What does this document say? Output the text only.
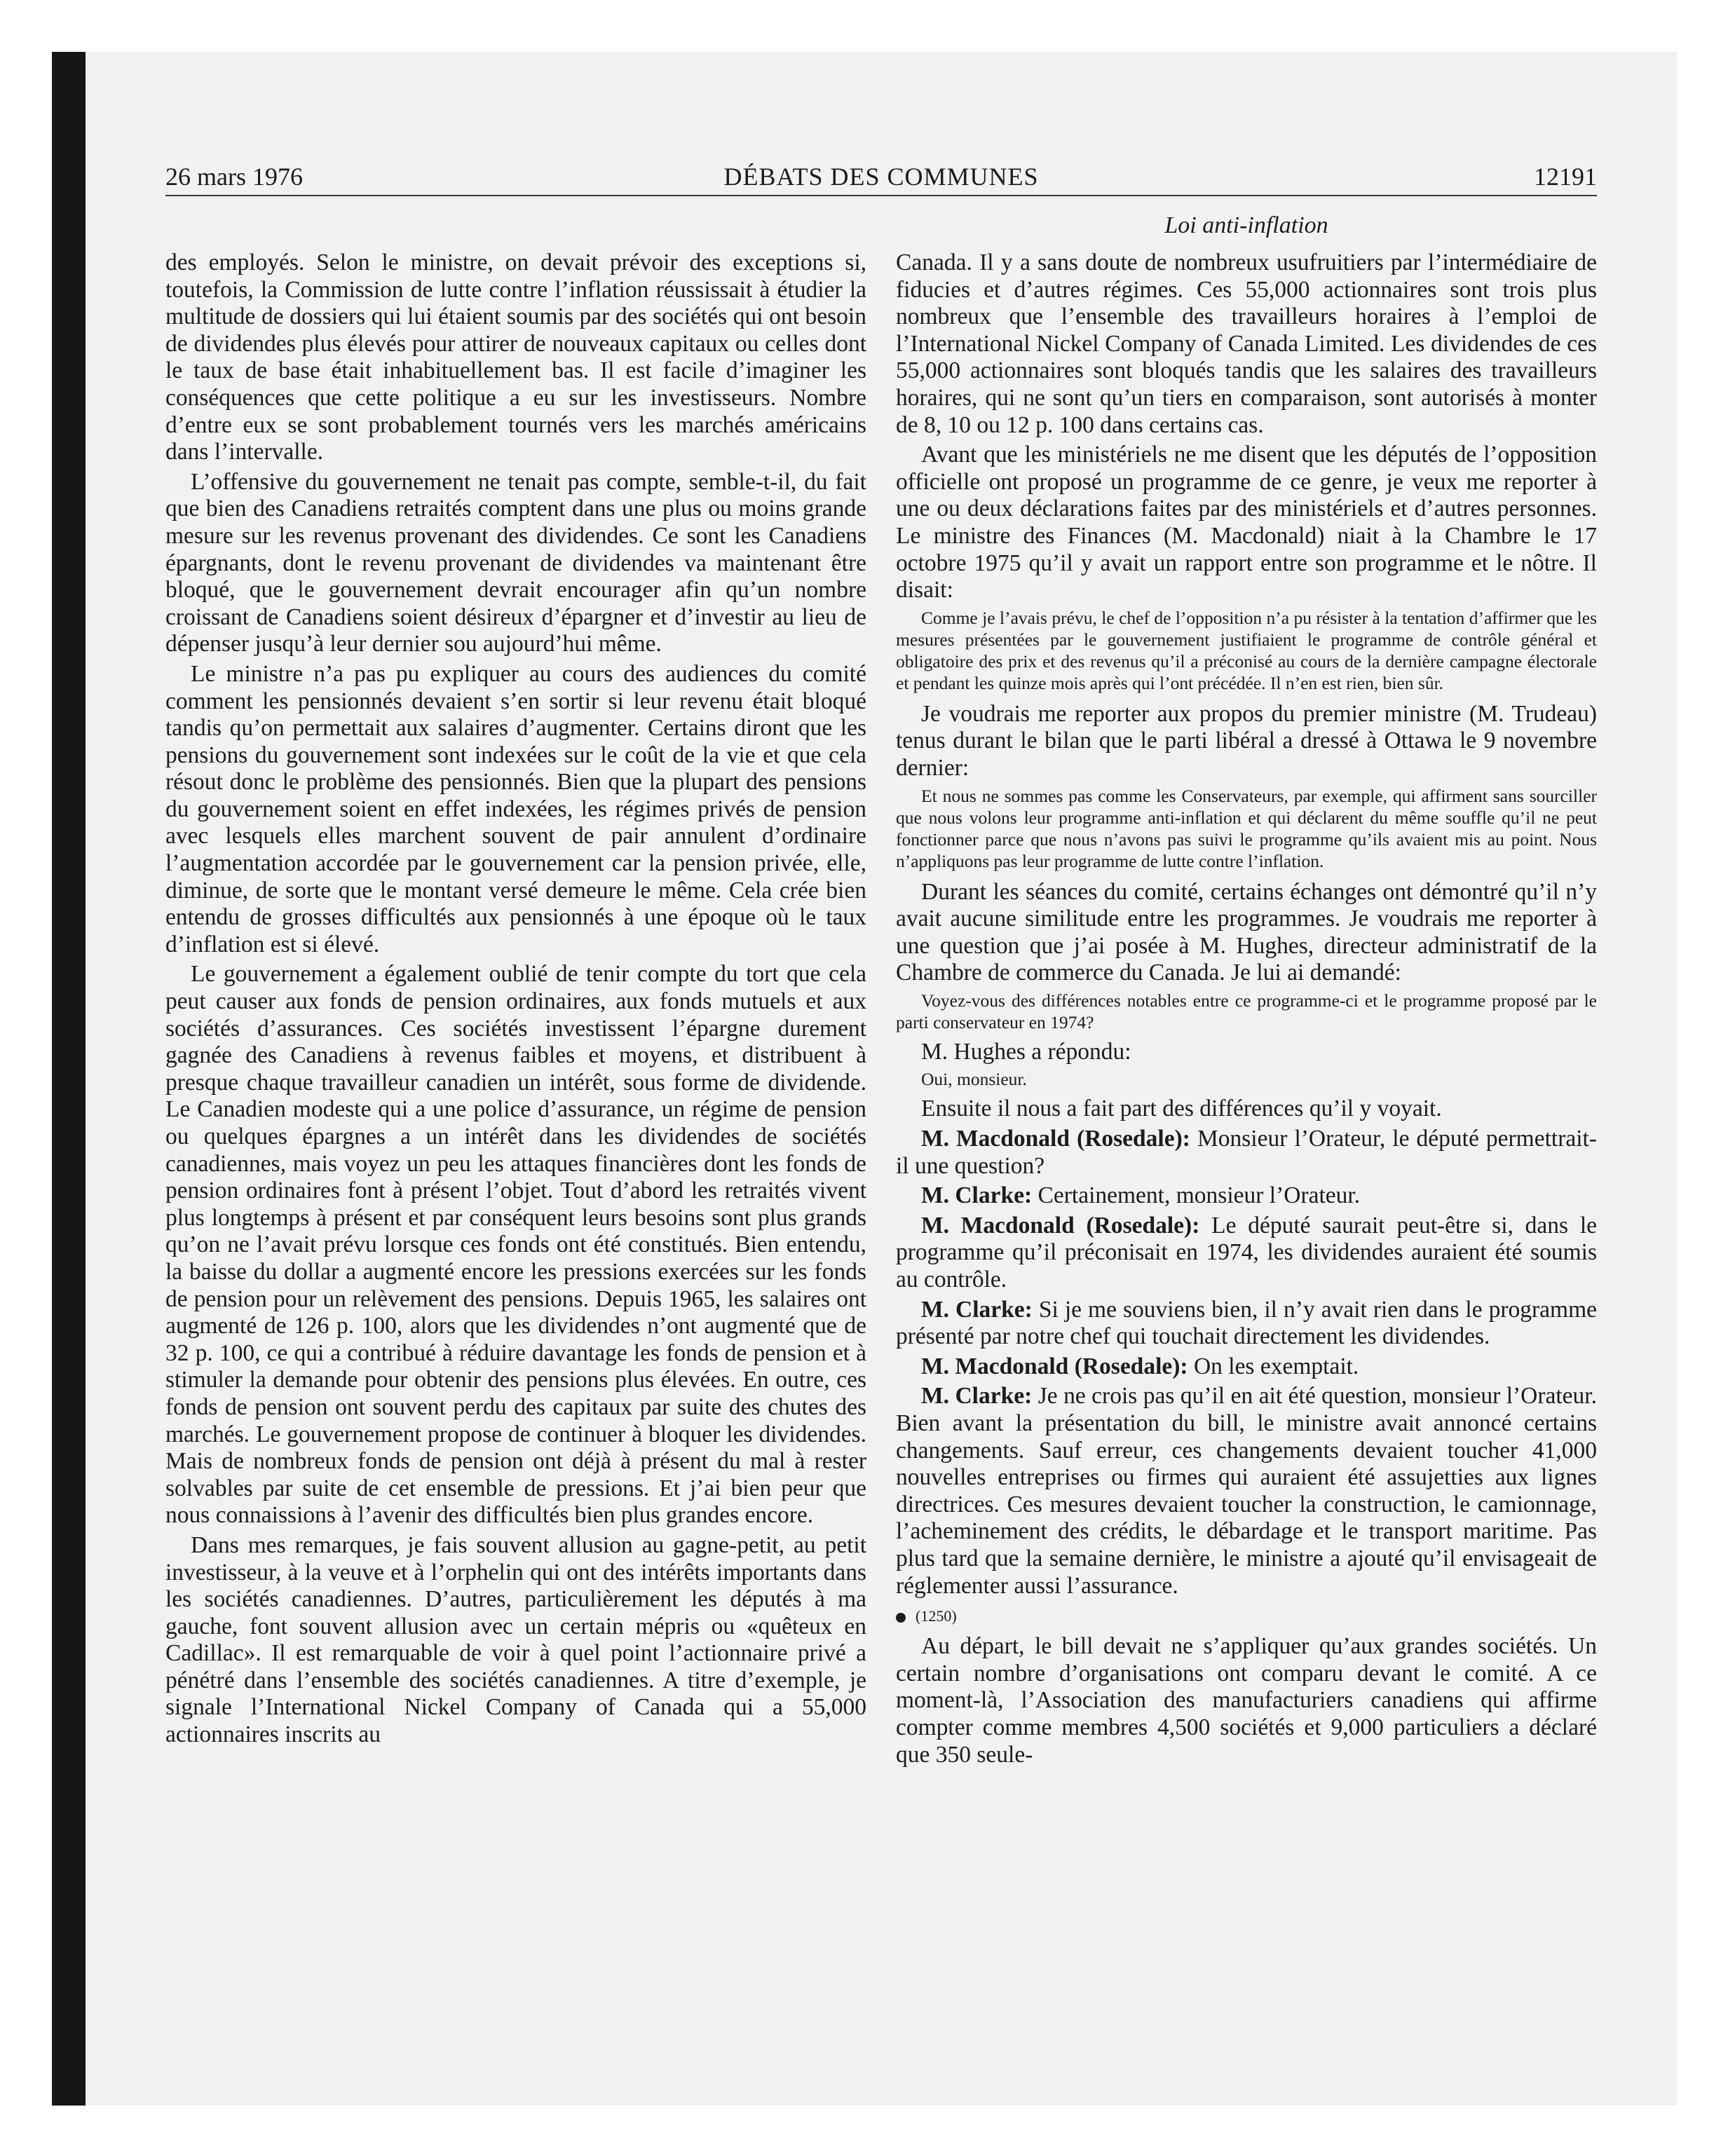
26 mars 1976	DÉBATS DES COMMUNES	12191
Loi anti-inflation

des employés. Selon le ministre, on devait prévoir des exceptions si, toutefois, la Commission de lutte contre l’inflation réussissait à étudier la multitude de dossiers qui lui étaient soumis par des sociétés qui ont besoin de dividendes plus élevés pour attirer de nouveaux capitaux ou celles dont le taux de base était inhabituellement bas. Il est facile d’imaginer les conséquences que cette politique a eu sur les investisseurs. Nombre d’entre eux se sont probablement tournés vers les marchés américains dans l’intervalle.

L’offensive du gouvernement ne tenait pas compte, semble-t-il, du fait que bien des Canadiens retraités comptent dans une plus ou moins grande mesure sur les revenus provenant des dividendes. Ce sont les Canadiens épargnants, dont le revenu provenant de dividendes va maintenant être bloqué, que le gouvernement devrait encourager afin qu’un nombre croissant de Canadiens soient désireux d’épargner et d’investir au lieu de dépenser jusqu’à leur dernier sou aujourd’hui même.

Le ministre n’a pas pu expliquer au cours des audiences du comité comment les pensionnés devaient s’en sortir si leur revenu était bloqué tandis qu’on permettait aux salaires d’augmenter. Certains diront que les pensions du gouvernement sont indexées sur le coût de la vie et que cela résout donc le problème des pensionnés. Bien que la plupart des pensions du gouvernement soient en effet indexées, les régimes privés de pension avec lesquels elles marchent souvent de pair annulent d’ordinaire l’augmentation accordée par le gouvernement car la pension privée, elle, diminue, de sorte que le montant versé demeure le même. Cela crée bien entendu de grosses difficultés aux pensionnés à une époque où le taux d’inflation est si élevé.

Le gouvernement a également oublié de tenir compte du tort que cela peut causer aux fonds de pension ordinaires, aux fonds mutuels et aux sociétés d’assurances. Ces sociétés investissent l’épargne durement gagnée des Canadiens à revenus faibles et moyens, et distribuent à presque chaque travailleur canadien un intérêt, sous forme de dividende. Le Canadien modeste qui a une police d’assurance, un régime de pension ou quelques épargnes a un intérêt dans les dividendes de sociétés canadiennes, mais voyez un peu les attaques financières dont les fonds de pension ordinaires font à présent l’objet. Tout d’abord les retraités vivent plus longtemps à présent et par conséquent leurs besoins sont plus grands qu’on ne l’avait prévu lorsque ces fonds ont été constitués. Bien entendu, la baisse du dollar a augmenté encore les pressions exercées sur les fonds de pension pour un relèvement des pensions. Depuis 1965, les salaires ont augmenté de 126 p. 100, alors que les dividendes n’ont augmenté que de 32 p. 100, ce qui a contribué à réduire davantage les fonds de pension et à stimuler la demande pour obtenir des pensions plus élevées. En outre, ces fonds de pension ont souvent perdu des capitaux par suite des chutes des marchés. Le gouvernement propose de continuer à bloquer les dividendes. Mais de nombreux fonds de pension ont déjà à présent du mal à rester solvables par suite de cet ensemble de pressions. Et j’ai bien peur que nous connaissions à l’avenir des difficultés bien plus grandes encore.

Dans mes remarques, je fais souvent allusion au gagne-petit, au petit investisseur, à la veuve et à l’orphelin qui ont des intérêts importants dans les sociétés canadiennes. D’autres, particulièrement les députés à ma gauche, font souvent allusion avec un certain mépris ou «quêteux en Cadillac». Il est remarquable de voir à quel point l’actionnaire privé a pénétré dans l’ensemble des sociétés canadiennes. A titre d’exemple, je signale l’International Nickel Company of Canada qui a 55,000 actionnaires inscrits au

Canada. Il y a sans doute de nombreux usufruitiers par l’intermédiaire de fiducies et d’autres régimes. Ces 55,000 actionnaires sont trois plus nombreux que l’ensemble des travailleurs horaires à l’emploi de l’International Nickel Company of Canada Limited. Les dividendes de ces 55,000 actionnaires sont bloqués tandis que les salaires des travailleurs horaires, qui ne sont qu’un tiers en comparaison, sont autorisés à monter de 8, 10 ou 12 p. 100 dans certains cas.

Avant que les ministériels ne me disent que les députés de l’opposition officielle ont proposé un programme de ce genre, je veux me reporter à une ou deux déclarations faites par des ministériels et d’autres personnes. Le ministre des Finances (M. Macdonald) niait à la Chambre le 17 octobre 1975 qu’il y avait un rapport entre son programme et le nôtre. Il disait:

Comme je l’avais prévu, le chef de l’opposition n’a pu résister à la tentation d’affirmer que les mesures présentées par le gouvernement justifiaient le programme de contrôle général et obligatoire des prix et des revenus qu’il a préconisé au cours de la dernière campagne électorale et pendant les quinze mois après qui l’ont précédée. Il n’en est rien, bien sûr.

Je voudrais me reporter aux propos du premier ministre (M. Trudeau) tenus durant le bilan que le parti libéral a dressé à Ottawa le 9 novembre dernier:

Et nous ne sommes pas comme les Conservateurs, par exemple, qui affirment sans sourciller que nous volons leur programme anti-inflation et qui déclarent du même souffle qu’il ne peut fonctionner parce que nous n’avons pas suivi le programme qu’ils avaient mis au point. Nous n’appliquons pas leur programme de lutte contre l’inflation.

Durant les séances du comité, certains échanges ont démontré qu’il n’y avait aucune similitude entre les programmes. Je voudrais me reporter à une question que j’ai posée à M. Hughes, directeur administratif de la Chambre de commerce du Canada. Je lui ai demandé:

Voyez-vous des différences notables entre ce programme-ci et le programme proposé par le parti conservateur en 1974?

M. Hughes a répondu:

Oui, monsieur.

Ensuite il nous a fait part des différences qu’il y voyait.

M. Macdonald (Rosedale): Monsieur l’Orateur, le député permettrait-il une question?

M. Clarke: Certainement, monsieur l’Orateur.

M. Macdonald (Rosedale): Le député saurait peut-être si, dans le programme qu’il préconisait en 1974, les dividendes auraient été soumis au contrôle.

M. Clarke: Si je me souviens bien, il n’y avait rien dans le programme présenté par notre chef qui touchait directement les dividendes.

M. Macdonald (Rosedale): On les exemptait.

M. Clarke: Je ne crois pas qu’il en ait été question, monsieur l’Orateur. Bien avant la présentation du bill, le ministre avait annoncé certains changements. Sauf erreur, ces changements devaient toucher 41,000 nouvelles entreprises ou firmes qui auraient été assujetties aux lignes directrices. Ces mesures devaient toucher la construction, le camionnage, l’acheminement des crédits, le débardage et le transport maritime. Pas plus tard que la semaine dernière, le ministre a ajouté qu’il envisageait de réglementer aussi l’assurance.

(1250)

Au départ, le bill devait ne s’appliquer qu’aux grandes sociétés. Un certain nombre d’organisations ont comparu devant le comité. A ce moment-là, l’Association des manufacturiers canadiens qui affirme compter comme membres 4,500 sociétés et 9,000 particuliers a déclaré que 350 seule-
